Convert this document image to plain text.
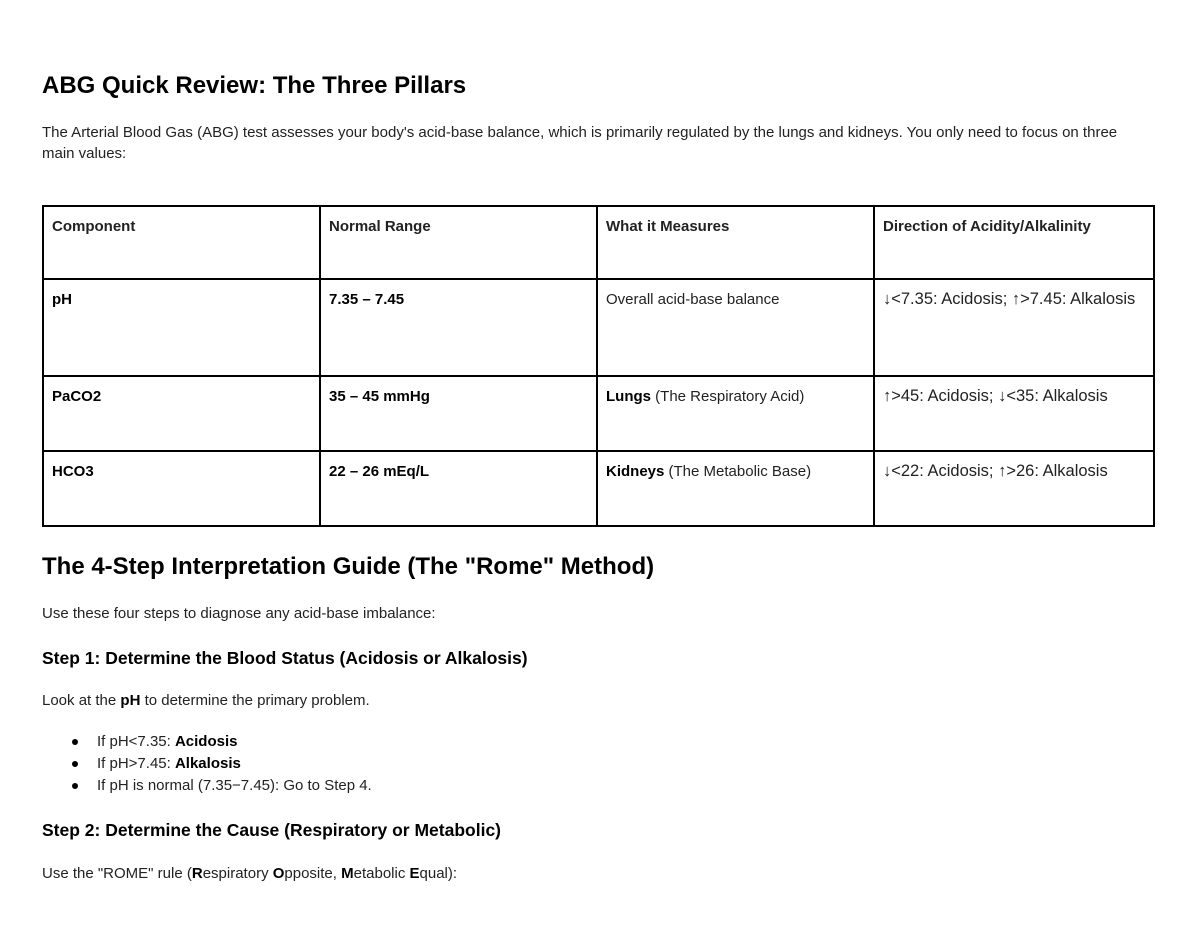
ABG Quick Review: The Three Pillars

The Arterial Blood Gas (ABG) test assesses your body's acid-base balance, which is primarily regulated by the lungs and kidneys. You only need to focus on three main values:

Component	Normal Range	What it Measures	Direction of Acidity/Alkalinity
pH	7.35 – 7.45	Overall acid-base balance	↓<7.35: Acidosis; ↑>7.45: Alkalosis
PaCO2	35 – 45 mmHg	Lungs (The Respiratory Acid)	↑>45: Acidosis; ↓<35: Alkalosis
HCO3	22 – 26 mEq/L	Kidneys (The Metabolic Base)	↓<22: Acidosis; ↑>26: Alkalosis
The 4-Step Interpretation Guide (The "Rome" Method)

Use these four steps to diagnose any acid-base imbalance:

Step 1: Determine the Blood Status (Acidosis or Alkalosis)

Look at the pH to determine the primary problem.

If pH<7.35: Acidosis
If pH>7.45: Alkalosis
If pH is normal (7.35−7.45): Go to Step 4.
Step 2: Determine the Cause (Respiratory or Metabolic)

Use the "ROME" rule (Respiratory Opposite, Metabolic Equal):
